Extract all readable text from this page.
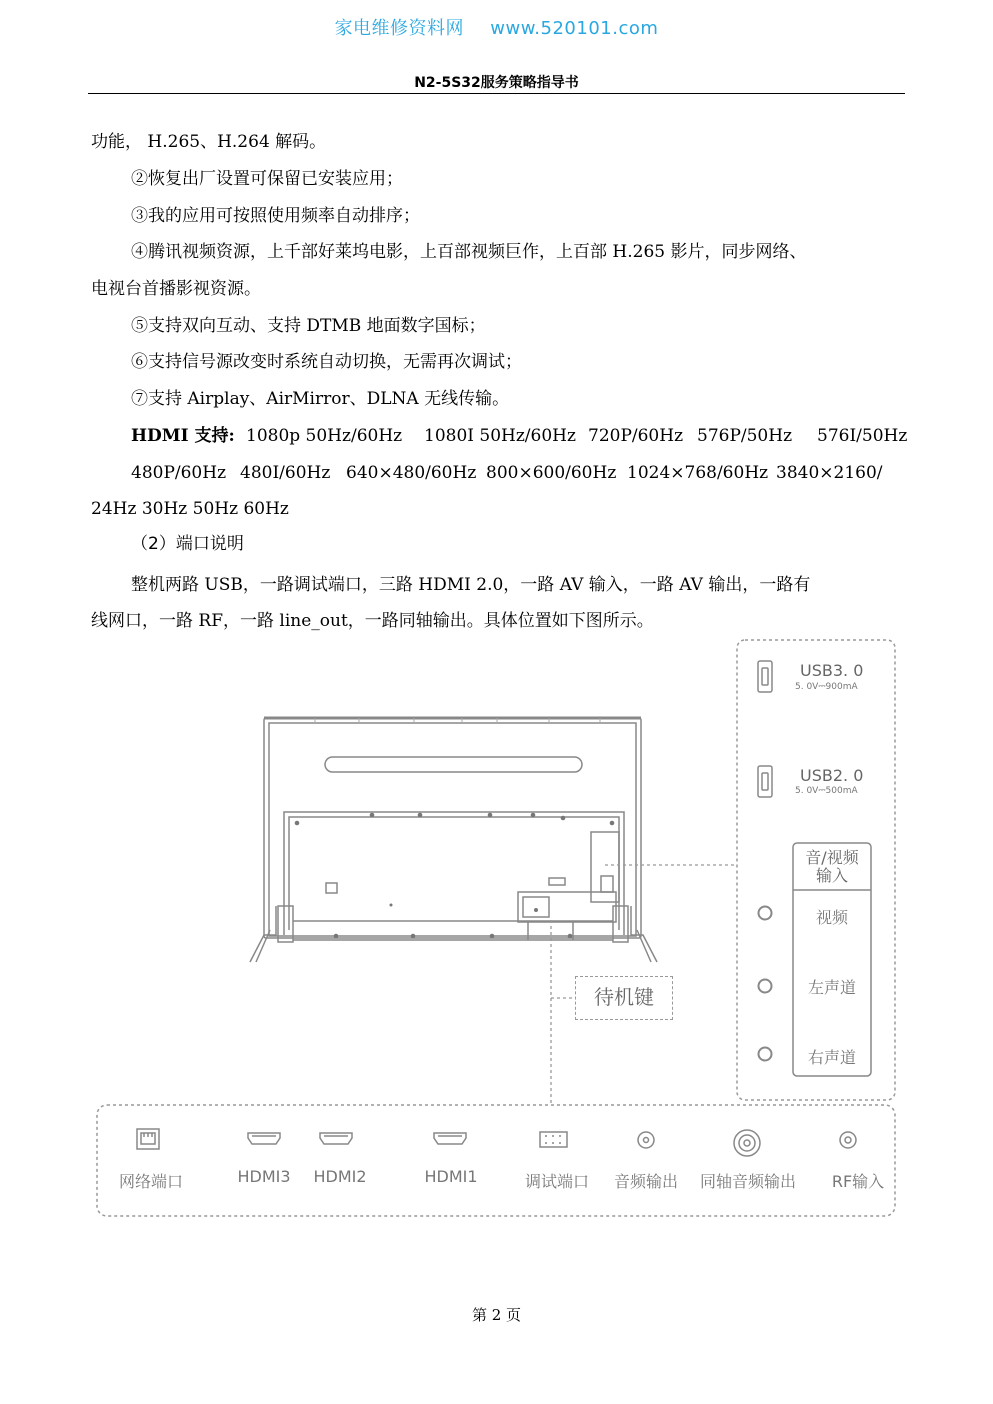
家电维修资料网 www.520101.com
N2-5S32服务策略指导书
功能， H.265、H.264 解码。
②恢复出厂设置可保留已安装应用；
③我的应用可按照使用频率自动排序；
④腾讯视频资源，上千部好莱坞电影，上百部视频巨作，上百部 H.265 影片，同步网络、
电视台首播影视资源。
⑤支持双向互动、支持 DTMB 地面数字国标；
⑥支持信号源改变时系统自动切换，无需再次调试；
⑦支持 Airplay、AirMirror、DLNA 无线传输。
HDMI 支持: 1080p 50Hz/60Hz 1080I 50Hz/60Hz 720P/60Hz 576P/50Hz 576I/50Hz
480P/60Hz 480I/60Hz 640×480/60Hz 800×600/60Hz 1024×768/60Hz 3840×2160/
24Hz 30Hz 50Hz 60Hz
（2）端口说明
整机两路 USB，一路调试端口，三路 HDMI 2.0，一路 AV 输入，一路 AV 输出，一路有
线网口，一路 RF，一路 line_out，一路同轴输出。具体位置如下图所示。
USB3. 0
5. 0V⎓900mA
USB2. 0
5. 0V⎓500mA
音/视频
输入
视频
左声道
右声道
待机键
网络端口	HDMI3	HDMI2	HDMI1	调试端口	音频输出	同轴音频输出	RF输入
第 2 页
